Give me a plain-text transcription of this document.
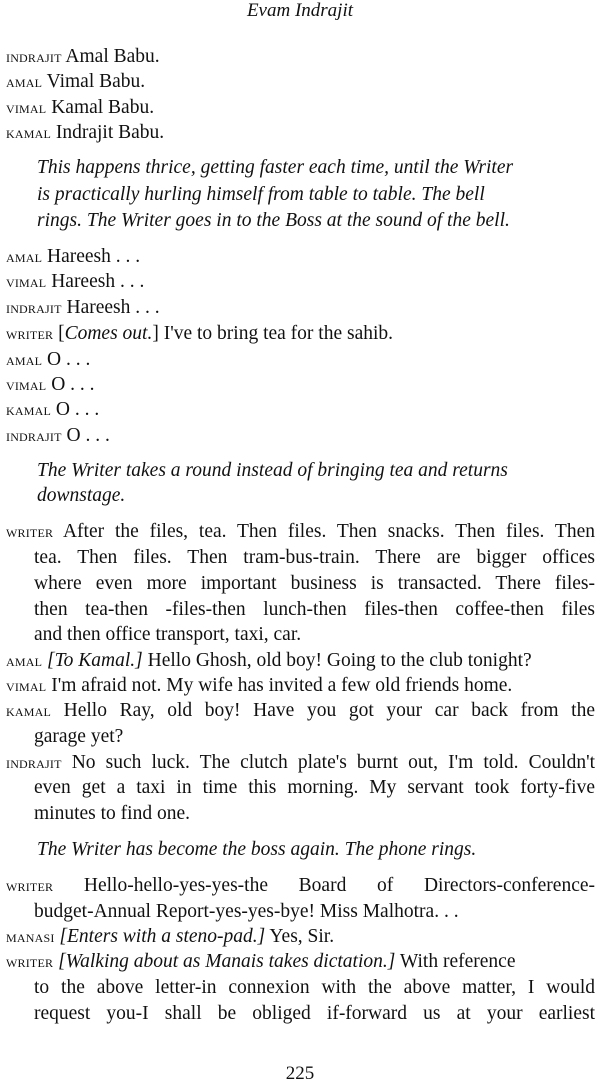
Evam Indrajit
INDRAJIT Amal Babu.
AMAL Vimal Babu.
VIMAL Kamal Babu.
KAMAL Indrajit Babu.
This happens thrice, getting faster each time, until the Writer
is practically hurling himself from table to table. The bell
rings. The Writer goes in to the Boss at the sound of the bell.
AMAL Hareesh . . .
VIMAL Hareesh . . .
INDRAJIT Hareesh . . .
WRITER [Comes out.] I've to bring tea for the sahib.
AMAL O . . .
VIMAL O . . .
KAMAL O . . .
INDRAJIT O . . .
The Writer takes a round instead of bringing tea and returns
downstage.
WRITER After the files, tea. Then files. Then snacks. Then files. Then
tea. Then files. Then tram-bus-train. There are bigger offices
where even more important business is transacted. There files-
then tea-then -files-then lunch-then files-then coffee-then files
and then office transport, taxi, car.
AMAL [To Kamal.] Hello Ghosh, old boy! Going to the club tonight?
VIMAL I'm afraid not. My wife has invited a few old friends home.
KAMAL Hello Ray, old boy! Have you got your car back from the
garage yet?
INDRAJIT No such luck. The clutch plate's burnt out, I'm told. Couldn't
even get a taxi in time this morning. My servant took forty-five
minutes to find one.
The Writer has become the boss again. The phone rings.
WRITER Hello-hello-yes-yes-the Board of Directors-conference-
budget-Annual Report-yes-yes-bye! Miss Malhotra. . .
MANASI [Enters with a steno-pad.] Yes, Sir.
WRITER [Walking about as Manais takes dictation.] With reference
to the above letter-in connexion with the above matter, I would
request you-I shall be obliged if-forward us at your earliest
225
